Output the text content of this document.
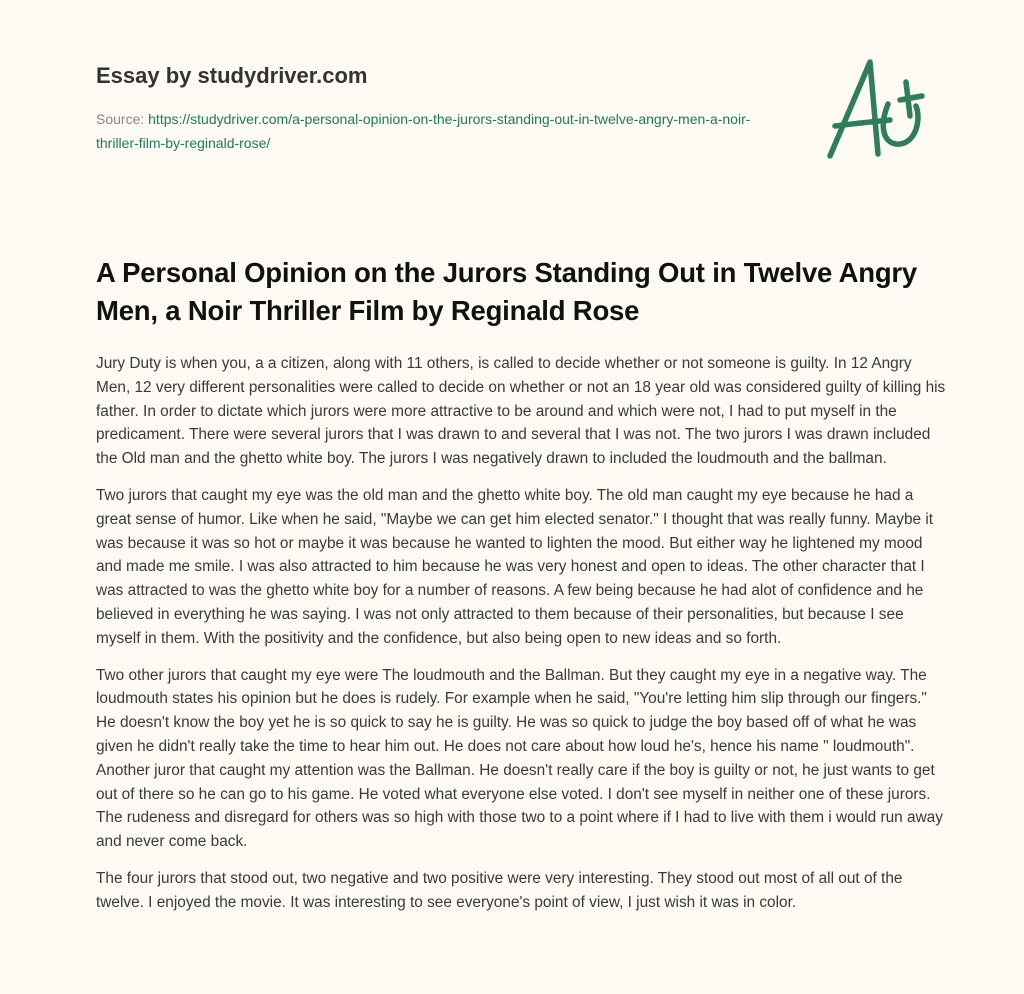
Essay by studydriver.com
Source: https://studydriver.com/a-personal-opinion-on-the-jurors-standing-out-in-twelve-angry-men-a-noir-thriller-film-by-reginald-rose/
A Personal Opinion on the Jurors Standing Out in Twelve Angry Men, a Noir Thriller Film by Reginald Rose

Jury Duty is when you, a a citizen, along with 11 others, is called to decide whether or not someone is guilty. In 12 Angry Men, 12 very different personalities were called to decide on whether or not an 18 year old was considered guilty of killing his father. In order to dictate which jurors were more attractive to be around and which were not, I had to put myself in the predicament. There were several jurors that I was drawn to and several that I was not. The two jurors I was drawn included the Old man and the ghetto white boy. The jurors I was negatively drawn to included the loudmouth and the ballman.

Two jurors that caught my eye was the old man and the ghetto white boy. The old man caught my eye because he had a great sense of humor. Like when he said, "Maybe we can get him elected senator." I thought that was really funny. Maybe it was because it was so hot or maybe it was because he wanted to lighten the mood. But either way he lightened my mood and made me smile. I was also attracted to him because he was very honest and open to ideas. The other character that I was attracted to was the ghetto white boy for a number of reasons. A few being because he had alot of confidence and he believed in everything he was saying. I was not only attracted to them because of their personalities, but because I see myself in them. With the positivity and the confidence, but also being open to new ideas and so forth.

Two other jurors that caught my eye were The loudmouth and the Ballman. But they caught my eye in a negative way. The loudmouth states his opinion but he does is rudely. For example when he said, "You're letting him slip through our fingers." He doesn't know the boy yet he is so quick to say he is guilty. He was so quick to judge the boy based off of what he was given he didn't really take the time to hear him out. He does not care about how loud he's, hence his name " loudmouth". Another juror that caught my attention was the Ballman. He doesn't really care if the boy is guilty or not, he just wants to get out of there so he can go to his game. He voted what everyone else voted. I don't see myself in neither one of these jurors. The rudeness and disregard for others was so high with those two to a point where if I had to live with them i would run away and never come back.

The four jurors that stood out, two negative and two positive were very interesting. They stood out most of all out of the twelve. I enjoyed the movie. It was interesting to see everyone's point of view, I just wish it was in color.
